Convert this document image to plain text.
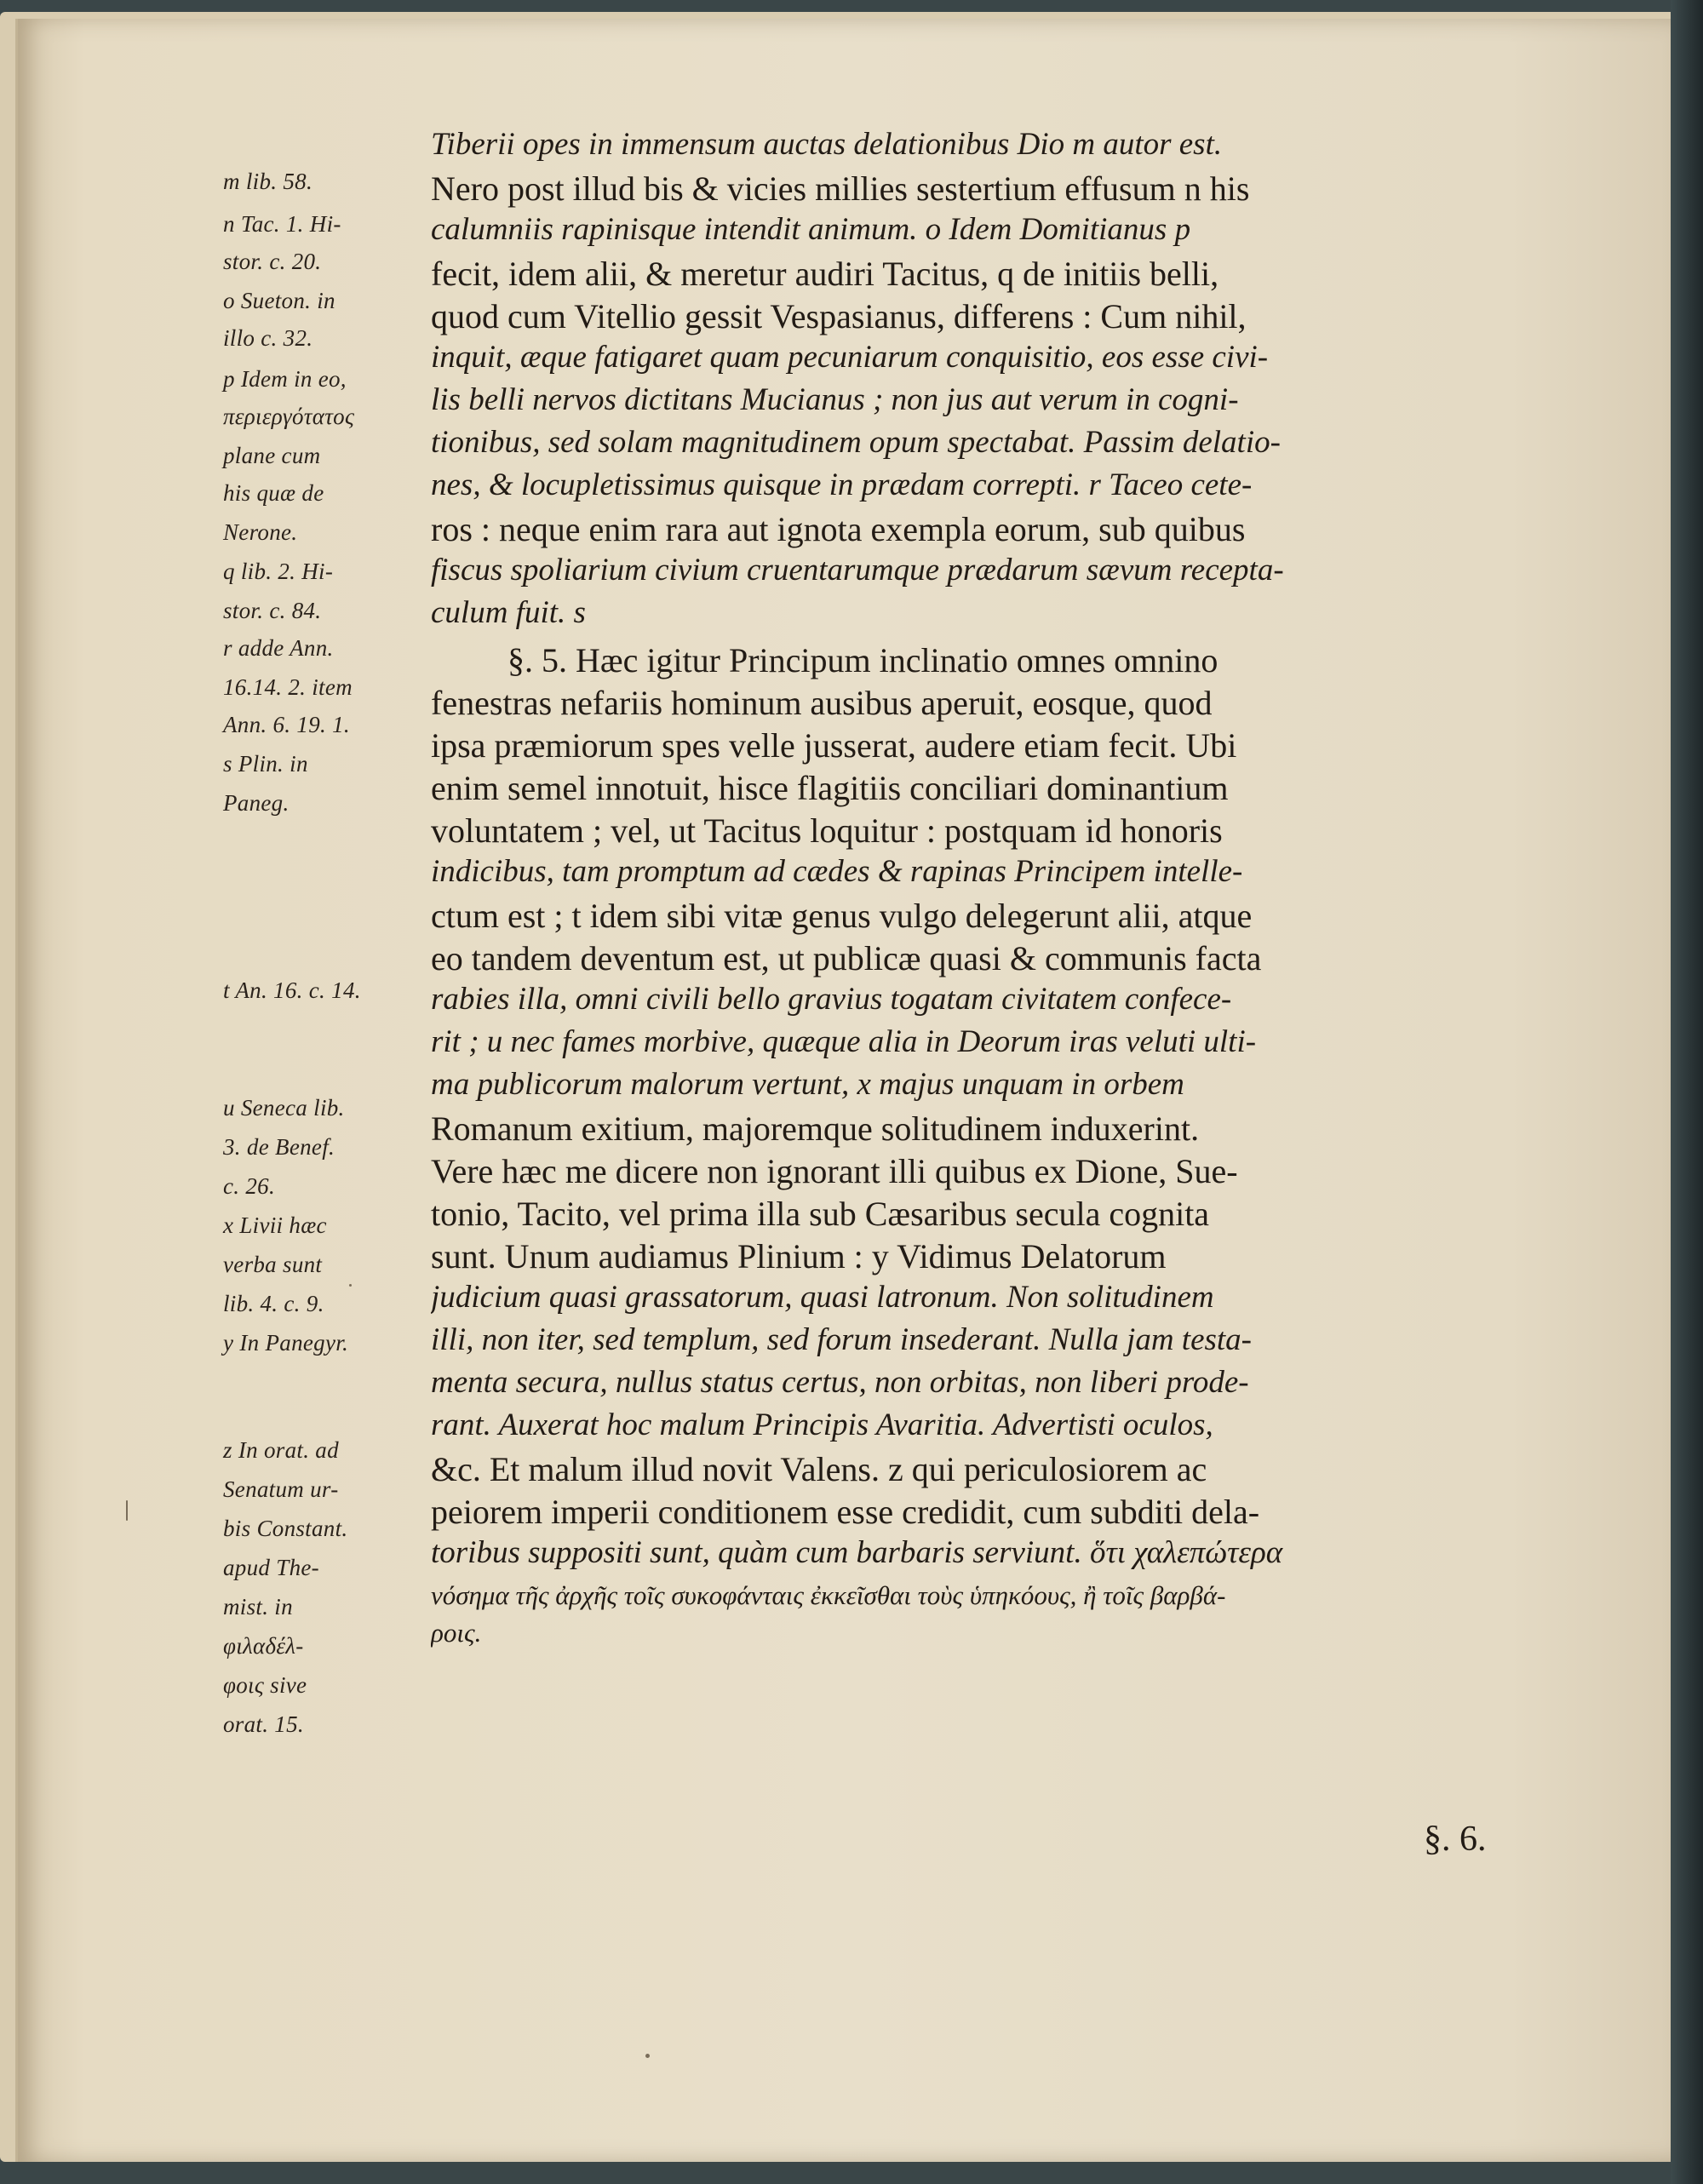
m lib. 58.
n Tac. 1. Hi-
stor. c. 20.
o Sueton. in
illo c. 32.
p Idem in eo,
περιεργότατος
plane cum
his quæ de
Nerone.
q lib. 2. Hi-
stor. c. 84.
r adde Ann.
16.14. 2. item
Ann. 6. 19. 1.
s Plin. in
Paneg.
t An. 16. c. 14.
u Seneca lib.
3. de Benef.
c. 26.
x Livii hæc
verba sunt
lib. 4. c. 9.
y In Panegyr.
z In orat. ad
Senatum ur-
bis Constant.
apud The-
mist. in
φιλαδέλ-
φοις sive
orat. 15.
Tiberii opes in immensum auctas delationibus Dio m autor est.
Nero post illud bis & vicies millies sestertium effusum n his
calumniis rapinisque intendit animum. o Idem Domitianus p
fecit, idem alii, & meretur audiri Tacitus, q de initiis belli,
quod cum Vitellio gessit Vespasianus, differens : Cum nihil,
inquit, æque fatigaret quam pecuniarum conquisitio, eos esse civi-
lis belli nervos dictitans Mucianus ; non jus aut verum in cogni-
tionibus, sed solam magnitudinem opum spectabat. Passim delatio-
nes, & locupletissimus quisque in prædam correpti. r Taceo cete-
ros : neque enim rara aut ignota exempla eorum, sub quibus
fiscus spoliarium civium cruentarumque prædarum sævum recepta-
culum fuit. s
§. 5. Hæc igitur Principum inclinatio omnes omnino
fenestras nefariis hominum ausibus aperuit, eosque, quod
ipsa præmiorum spes velle jusserat, audere etiam fecit. Ubi
enim semel innotuit, hisce flagitiis conciliari dominantium
voluntatem ; vel, ut Tacitus loquitur : postquam id honoris
indicibus, tam promptum ad cædes & rapinas Principem intelle-
ctum est ; t idem sibi vitæ genus vulgo delegerunt alii, atque
eo tandem deventum est, ut publicæ quasi & communis facta
rabies illa, omni civili bello gravius togatam civitatem confece-
rit ; u nec fames morbive, quæque alia in Deorum iras veluti ulti-
ma publicorum malorum vertunt, x majus unquam in orbem
Romanum exitium, majoremque solitudinem induxerint.
Vere hæc me dicere non ignorant illi quibus ex Dione, Sue-
tonio, Tacito, vel prima illa sub Cæsaribus secula cognita
sunt. Unum audiamus Plinium : y Vidimus Delatorum
judicium quasi grassatorum, quasi latronum. Non solitudinem
illi, non iter, sed templum, sed forum insederant. Nulla jam testa-
menta secura, nullus status certus, non orbitas, non liberi prode-
rant. Auxerat hoc malum Principis Avaritia. Advertisti oculos,
&c. Et malum illud novit Valens. z qui periculosiorem ac
peiorem imperii conditionem esse credidit, cum subditi dela-
toribus suppositi sunt, quàm cum barbaris serviunt. ὅτι χαλεπώτερα
νόσημα τῆς ἀρχῆς τοῖς συκοφάνταις ἐκκεῖσθαι τοὺς ὑπηκόους, ἢ τοῖς βαρβά-
ροις.
§. 6.
